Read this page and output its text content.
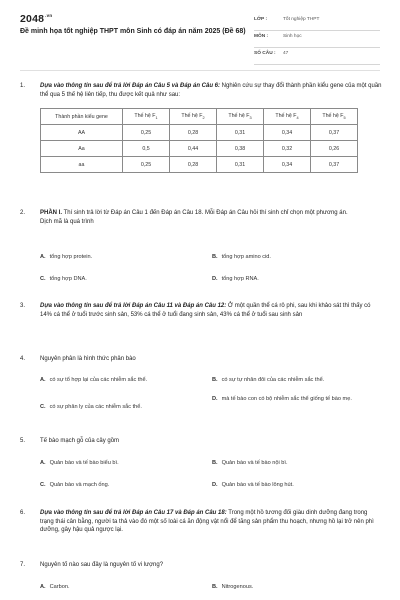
$2048^{.vn}$
Đề minh họa tốt nghiệp THPT môn Sinh có đáp án năm 2025 (Đề 68)
LỚP :	Tốt nghiệp THPT
MÔN :	Sinh học
SỐ CÂU : 47
1. Dựa vào thông tin sau để trả lời Đáp án Câu 5 và Đáp án Câu 6: Nghiên cứu sự thay đổi thành phần kiểu gene của một quần thể qua 5 thế hệ liên tiếp, thu được kết quả như sau:
Thành phần kiểu gene	Thế hệ $F_1$	Thế hệ $F_2$	Thế hệ $F_3$	Thế hệ $F_4$	Thế hệ $F_5$
AA	0,25	0,28	0,31	0,34	0,37
Aa	0,5	0,44	0,38	0,32	0,26
aa	0,25	0,28	0,31	0,34	0,37
2. PHẦN I. Thí sinh trả lời từ Đáp án Câu 1 đến Đáp án Câu 18. Mỗi Đáp án Câu hỏi thí sinh chỉ chọn một phương án.
Dịch mã là quá trình
A. tổng hợp protein.	B. tổng hợp amino cid.
C. tổng hợp DNA.	D. tổng hợp RNA.
3. Dựa vào thông tin sau để trả lời Đáp án Câu 11 và Đáp án Câu 12: Ở một quần thể cá rô phi, sau khi khảo sát thì thấy có 14% cá thể ở tuổi trước sinh sản, 53% cá thể ở tuổi đang sinh sản, 43% cá thể ở tuổi sau sinh sản
4. Nguyên phân là hình thức phân bào
A. có sự tổ hợp lại của các nhiễm sắc thể.	B. có sự tự nhân đôi của các nhiễm sắc thể.
C. có sự phân ly của các nhiễm sắc thể.
D. mà tế bào con có bộ nhiễm sắc thể giống tế bào mẹ.
5. Tế bào mạch gỗ của cây gồm
A. Quản bào và tế bào biểu bì.	B. Quản bào và tế bào nội bì.
C. Quản bào và mạch ống.	D. Quản bào và tế bào lông hút.
6. Dựa vào thông tin sau để trả lời Đáp án Câu 17 và Đáp án Câu 18: Trong một hồ tương đối giàu dinh dưỡng đang trong trạng thái cân bằng, người ta thả vào đó một số loài cá ăn động vật nổi để tăng sản phẩm thu hoạch, nhưng hồ lại trở nên phì dưỡng, gây hậu quả ngược lại.
7. Nguyên tố nào sau đây là nguyên tố vi lượng?
A. Carbon.	B. Nitrogenous.
